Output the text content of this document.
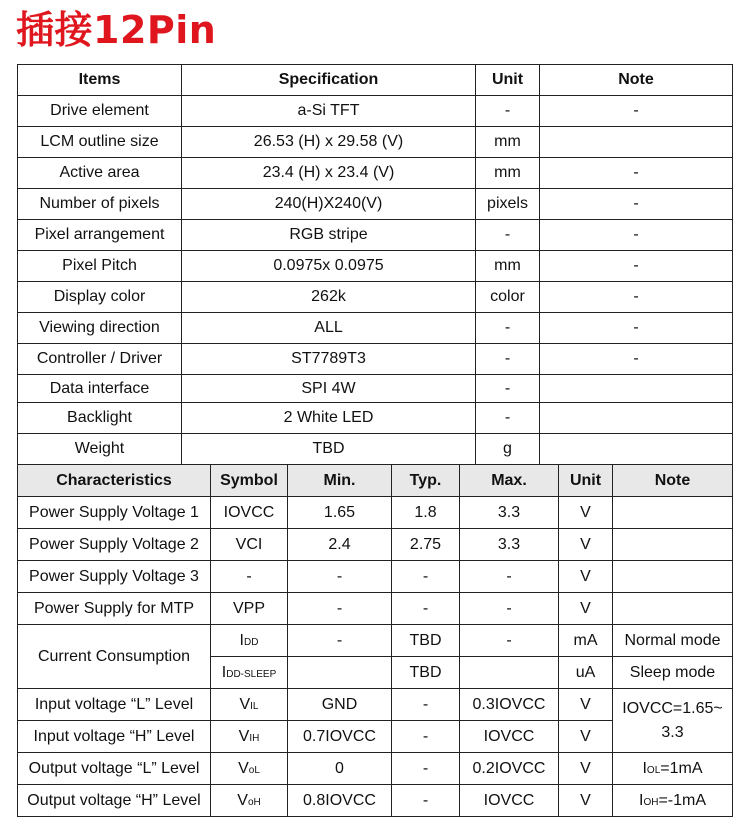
插接12Pin
Items	Specification	Unit	Note
Drive element	a-Si TFT	-	-
LCM outline size	26.53 (H) x 29.58 (V)	mm	
Active area	23.4 (H) x 23.4 (V)	mm	-
Number of pixels	240(H)X240(V)	pixels	-
Pixel arrangement	RGB stripe	-	-
Pixel Pitch	0.0975x 0.0975	mm	-
Display color	262k	color	-
Viewing direction	ALL	-	-
Controller / Driver	ST7789T3	-	-
Data interface	SPI 4W	-	
Backlight	2 White LED	-	
Weight	TBD	g	
Characteristics	Symbol	Min.	Typ.	Max.	Unit	Note
Power Supply Voltage 1	IOVCC	1.65	1.8	3.3	V	
Power Supply Voltage 2	VCI	2.4	2.75	3.3	V	
Power Supply Voltage 3	-	-	-	-	V	
Power Supply for MTP	VPP	-	-	-	V	
Current Consumption	IDD	-	TBD	-	mA	Normal mode
	IDD-SLEEP		TBD		uA	Sleep mode
Input voltage “L” Level	VIL	GND	-	0.3IOVCC	V	IOVCC=1.65~ 3.3
Input voltage “H” Level	VIH	0.7IOVCC	-	IOVCC	V	
Output voltage “L” Level	VoL	0	-	0.2IOVCC	V	IOL=1mA
Output voltage “H” Level	VoH	0.8IOVCC	-	IOVCC	V	IOH=-1mA
